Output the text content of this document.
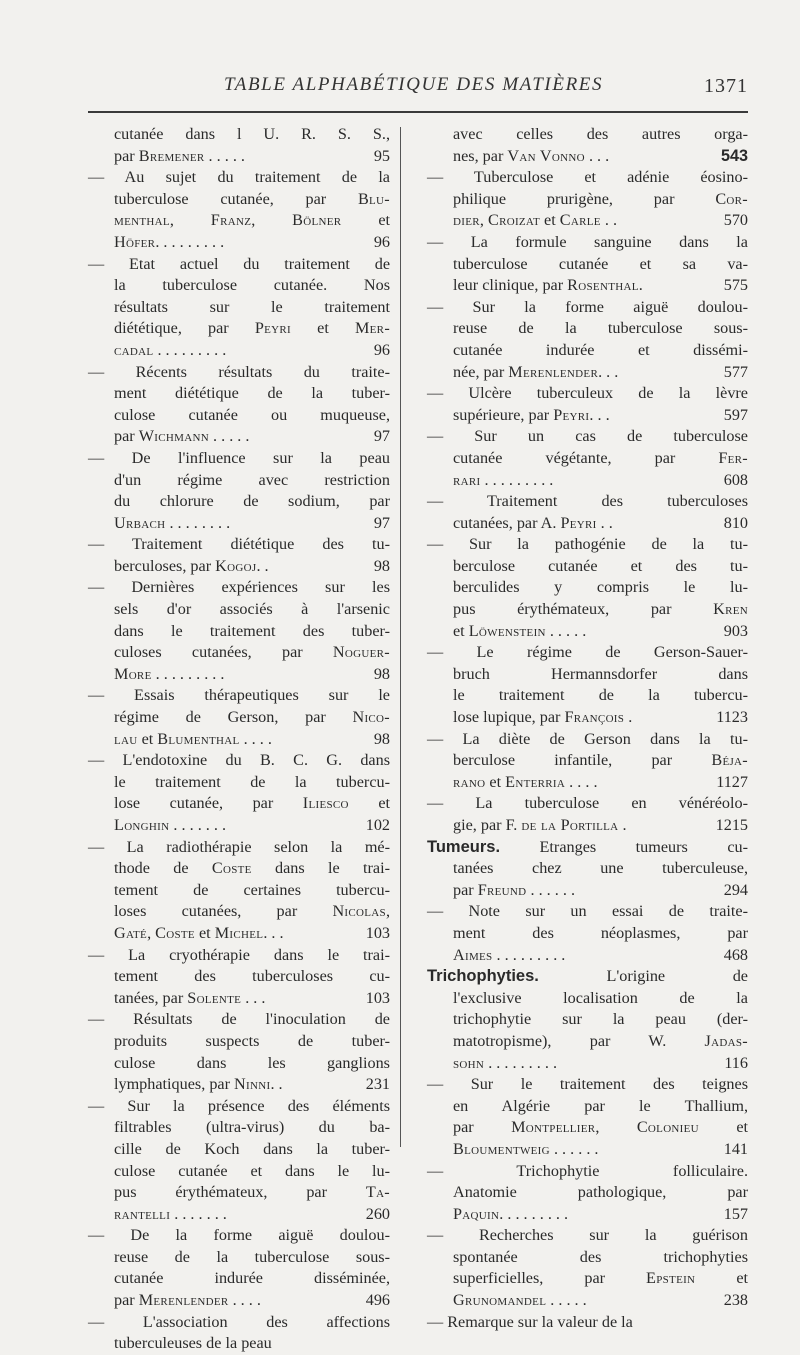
TABLE ALPHABÉTIQUE DES MATIÈRES	1371
cutanée dans l U. R. S. S.,
par Bremener . . . . .	95
— Au sujet du traitement de la
tuberculose cutanée, par Blu-
menthal, Franz, Bölner et
Höfer. . . . . . . . .	96
— Etat actuel du traitement de
la tuberculose cutanée. Nos
résultats sur le traitement
diététique, par Peyri et Mer-
cadal . . . . . . . . .	96
— Récents résultats du traite-
ment diététique de la tuber-
culose cutanée ou muqueuse,
par Wichmann . . . . .	97
— De l'influence sur la peau
d'un régime avec restriction
du chlorure de sodium, par
Urbach . . . . . . . .	97
— Traitement diététique des tu-
berculoses, par Kogoj. .	98
— Dernières expériences sur les
sels d'or associés à l'arsenic
dans le traitement des tuber-
culoses cutanées, par Noguer-
More . . . . . . . . .	98
— Essais thérapeutiques sur le
régime de Gerson, par Nico-
lau et Blumenthal . . . .	98
— L'endotoxine du B. C. G. dans
le traitement de la tubercu-
lose cutanée, par Iliesco et
Longhin . . . . . . .	102
— La radiothérapie selon la mé-
thode de Coste dans le trai-
tement de certaines tubercu-
loses cutanées, par Nicolas,
Gaté, Coste et Michel. . .	103
— La cryothérapie dans le trai-
tement des tuberculoses cu-
tanées, par Solente . . .	103
— Résultats de l'inoculation de
produits suspects de tuber-
culose dans les ganglions
lymphatiques, par Ninni. .	231
— Sur la présence des éléments
filtrables (ultra-virus) du ba-
cille de Koch dans la tuber-
culose cutanée et dans le lu-
pus érythémateux, par Ta-
rantelli . . . . . . .	260
— De la forme aiguë doulou-
reuse de la tuberculose sous-
cutanée indurée disséminée,
par Merenlender . . . .	496
— L'association des affections
tuberculeuses de la peau
avec celles des autres orga-
nes, par Van Vonno . . .	543
— Tuberculose et adénie éosino-
philique prurigène, par Cor-
dier, Croizat et Carle . .	570
— La formule sanguine dans la
tuberculose cutanée et sa va-
leur clinique, par Rosenthal.	575
— Sur la forme aiguë doulou-
reuse de la tuberculose sous-
cutanée indurée et dissémi-
née, par Merenlender. . .	577
— Ulcère tuberculeux de la lèvre
supérieure, par Peyri. . .	597
— Sur un cas de tuberculose
cutanée végétante, par Fer-
rari . . . . . . . . .	608
— Traitement des tuberculoses
cutanées, par A. Peyri . .	810
— Sur la pathogénie de la tu-
berculose cutanée et des tu-
berculides y compris le lu-
pus érythémateux, par Kren
et Löwenstein . . . . .	903
— Le régime de Gerson-Sauer-
bruch Hermannsdorfer dans
le traitement de la tubercu-
lose lupique, par François .	1123
— La diète de Gerson dans la tu-
berculose infantile, par Béja-
rano et Enterria . . . .	1127
— La tuberculose en vénéréolo-
gie, par F. de la Portilla .	1215
Tumeurs. Etranges tumeurs cu-
tanées chez une tuberculeuse,
par Freund . . . . . .	294
— Note sur un essai de traite-
ment des néoplasmes, par
Aimes . . . . . . . . .	468
Trichophyties. L'origine de
l'exclusive localisation de la
trichophytie sur la peau (der-
matotropisme), par W. Jadas-
sohn . . . . . . . . .	116
— Sur le traitement des teignes
en Algérie par le Thallium,
par Montpellier, Colonieu et
Bloumentweig . . . . . .	141
— Trichophytie folliculaire.
Anatomie pathologique, par
Paquin. . . . . . . . .	157
— Recherches sur la guérison
spontanée des trichophyties
superficielles, par Epstein et
Grunomandel . . . . .	238
— Remarque sur la valeur de la
